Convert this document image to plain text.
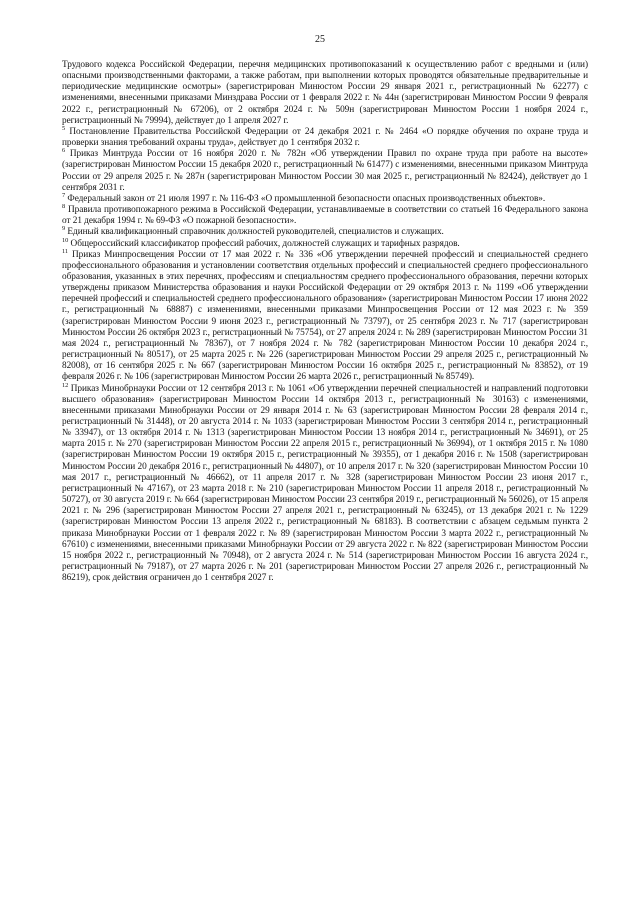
25

Трудового кодекса Российской Федерации, перечня медицинских противопоказаний к осуществлению работ с вредными и (или) опасными производственными факторами, а также работам, при выполнении которых проводятся обязательные предварительные и периодические медицинские осмотры» (зарегистрирован Минюстом России 29 января 2021 г., регистрационный № 62277) с изменениями, внесенными приказами Минздрава России от 1 февраля 2022 г. № 44н (зарегистрирован Минюстом России 9 февраля 2022 г., регистрационный № 67206), от 2 октября 2024 г. № 509н (зарегистрирован Минюстом России 1 ноября 2024 г., регистрационный № 79994), действует до 1 апреля 2027 г.

$^5$ Постановление Правительства Российской Федерации от 24 декабря 2021 г. № 2464 «О порядке обучения по охране труда и проверки знания требований охраны труда», действует до 1 сентября 2032 г.

$^6$ Приказ Минтруда России от 16 ноября 2020 г. № 782н «Об утверждении Правил по охране труда при работе на высоте» (зарегистрирован Минюстом России 15 декабря 2020 г., регистрационный № 61477) с изменениями, внесенными приказом Минтруда России от 29 апреля 2025 г. № 287н (зарегистрирован Минюстом России 30 мая 2025 г., регистрационный № 82424), действует до 1 сентября 2031 г.

$^7$ Федеральный закон от 21 июля 1997 г. № 116-ФЗ «О промышленной безопасности опасных производственных объектов».

$^8$ Правила противопожарного режима в Российской Федерации, устанавливаемые в соответствии со статьей 16 Федерального закона от 21 декабря 1994 г. № 69-ФЗ «О пожарной безопасности».

$^9$ Единый квалификационный справочник должностей руководителей, специалистов и служащих.

$^{10}$ Общероссийский классификатор профессий рабочих, должностей служащих и тарифных разрядов.

$^{11}$ Приказ Минпросвещения России от 17 мая 2022 г. № 336 «Об утверждении перечней профессий и специальностей среднего профессионального образования и установлении соответствия отдельных профессий и специальностей среднего профессионального образования, указанных в этих перечнях, профессиям и специальностям среднего профессионального образования, перечни которых утверждены приказом Министерства образования и науки Российской Федерации от 29 октября 2013 г. № 1199 «Об утверждении перечней профессий и специальностей среднего профессионального образования» (зарегистрирован Минюстом России 17 июня 2022 г., регистрационный № 68887) с изменениями, внесенными приказами Минпросвещения России от 12 мая 2023 г. № 359 (зарегистрирован Минюстом России 9 июня 2023 г., регистрационный № 73797), от 25 сентября 2023 г. № 717 (зарегистрирован Минюстом России 26 октября 2023 г., регистрационный № 75754), от 27 апреля 2024 г. № 289 (зарегистрирован Минюстом России 31 мая 2024 г., регистрационный № 78367), от 7 ноября 2024 г. № 782 (зарегистрирован Минюстом России 10 декабря 2024 г., регистрационный № 80517), от 25 марта 2025 г. № 226 (зарегистрирован Минюстом России 29 апреля 2025 г., регистрационный № 82008), от 16 сентября 2025 г. № 667 (зарегистрирован Минюстом России 16 октября 2025 г., регистрационный № 83852), от 19 февраля 2026 г. № 106 (зарегистрирован Минюстом России 26 марта 2026 г., регистрационный № 85749).

$^{12}$ Приказ Минобрнауки России от 12 сентября 2013 г. № 1061 «Об утверждении перечней специальностей и направлений подготовки высшего образования» (зарегистрирован Минюстом России 14 октября 2013 г., регистрационный № 30163) с изменениями, внесенными приказами Минобрнауки России от 29 января 2014 г. № 63 (зарегистрирован Минюстом России 28 февраля 2014 г., регистрационный № 31448), от 20 августа 2014 г. № 1033 (зарегистрирован Минюстом России 3 сентября 2014 г., регистрационный № 33947), от 13 октября 2014 г. № 1313 (зарегистрирован Минюстом России 13 ноября 2014 г., регистрационный № 34691), от 25 марта 2015 г. № 270 (зарегистрирован Минюстом России 22 апреля 2015 г., регистрационный № 36994), от 1 октября 2015 г. № 1080 (зарегистрирован Минюстом России 19 октября 2015 г., регистрационный № 39355), от 1 декабря 2016 г. № 1508 (зарегистрирован Минюстом России 20 декабря 2016 г., регистрационный № 44807), от 10 апреля 2017 г. № 320 (зарегистрирован Минюстом России 10 мая 2017 г., регистрационный № 46662), от 11 апреля 2017 г. № 328 (зарегистрирован Минюстом России 23 июня 2017 г., регистрационный № 47167), от 23 марта 2018 г. № 210 (зарегистрирован Минюстом России 11 апреля 2018 г., регистрационный № 50727), от 30 августа 2019 г. № 664 (зарегистрирован Минюстом России 23 сентября 2019 г., регистрационный № 56026), от 15 апреля 2021 г. № 296 (зарегистрирован Минюстом России 27 апреля 2021 г., регистрационный № 63245), от 13 декабря 2021 г. № 1229 (зарегистрирован Минюстом России 13 апреля 2022 г., регистрационный № 68183). В соответствии с абзацем седьмым пункта 2 приказа Минобрнауки России от 1 февраля 2022 г. № 89 (зарегистрирован Минюстом России 3 марта 2022 г., регистрационный № 67610) с изменениями, внесенными приказами Минобрнауки России от 29 августа 2022 г. № 822 (зарегистрирован Минюстом России 15 ноября 2022 г., регистрационный № 70948), от 2 августа 2024 г. № 514 (зарегистрирован Минюстом России 16 августа 2024 г., регистрационный № 79187), от 27 марта 2026 г. № 201 (зарегистрирован Минюстом России 27 апреля 2026 г., регистрационный № 86219), срок действия ограничен до 1 сентября 2027 г.
